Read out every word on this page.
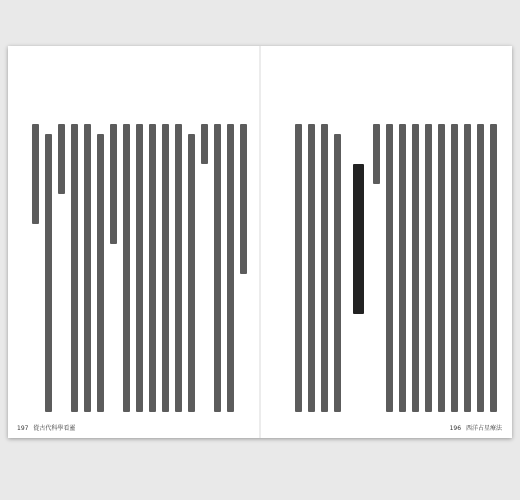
197 從古代科學看靈	196 西洋占星療法
